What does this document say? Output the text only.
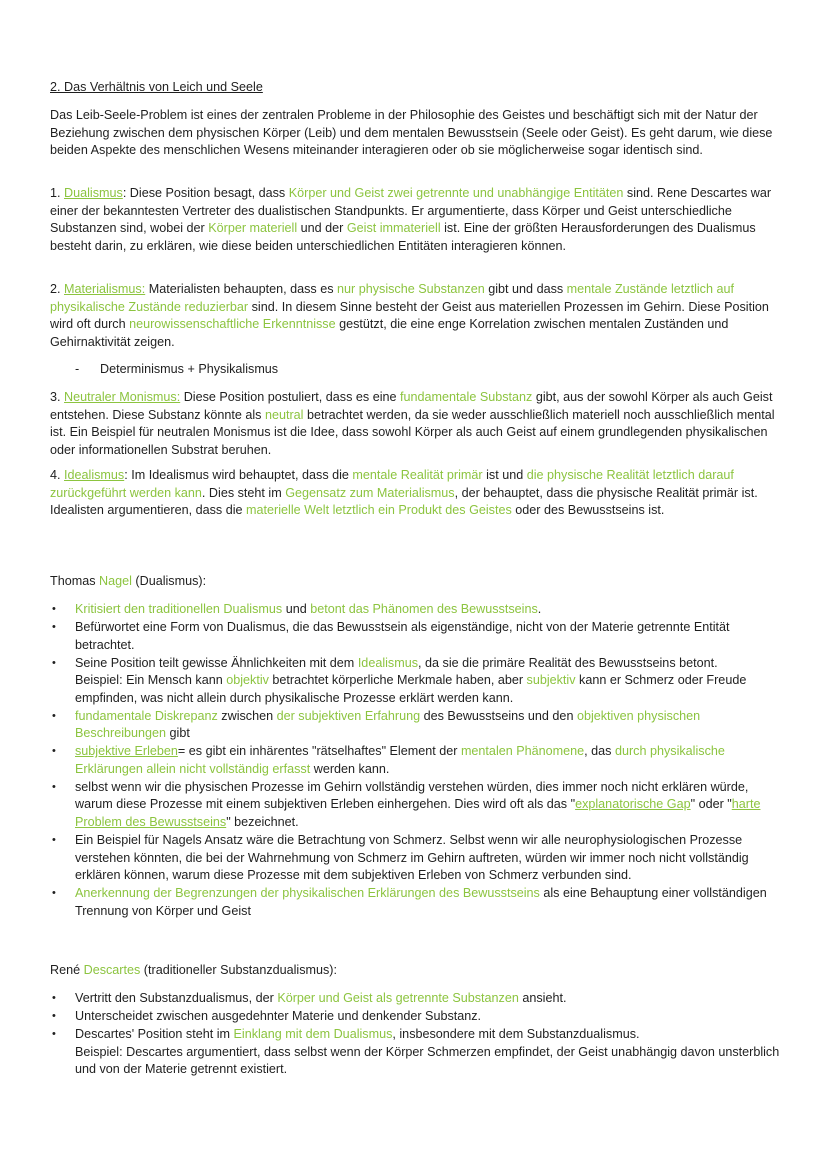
2. Das Verhältnis von Leich und Seele

Das Leib-Seele-Problem ist eines der zentralen Probleme in der Philosophie des Geistes und beschäftigt sich mit der Natur der Beziehung zwischen dem physischen Körper (Leib) und dem mentalen Bewusstsein (Seele oder Geist). Es geht darum, wie diese beiden Aspekte des menschlichen Wesens miteinander interagieren oder ob sie möglicherweise sogar identisch sind.

1. Dualismus: Diese Position besagt, dass Körper und Geist zwei getrennte und unabhängige Entitäten sind. Rene Descartes war einer der bekanntesten Vertreter des dualistischen Standpunkts. Er argumentierte, dass Körper und Geist unterschiedliche Substanzen sind, wobei der Körper materiell und der Geist immateriell ist. Eine der größten Herausforderungen des Dualismus besteht darin, zu erklären, wie diese beiden unterschiedlichen Entitäten interagieren können.

2. Materialismus: Materialisten behaupten, dass es nur physische Substanzen gibt und dass mentale Zustände letztlich auf physikalische Zustände reduzierbar sind. In diesem Sinne besteht der Geist aus materiellen Prozessen im Gehirn. Diese Position wird oft durch neurowissenschaftliche Erkenntnisse gestützt, die eine enge Korrelation zwischen mentalen Zuständen und Gehirnaktivität zeigen.

- Determinismus + Physikalismus

3. Neutraler Monismus: Diese Position postuliert, dass es eine fundamentale Substanz gibt, aus der sowohl Körper als auch Geist entstehen. Diese Substanz könnte als neutral betrachtet werden, da sie weder ausschließlich materiell noch ausschließlich mental ist. Ein Beispiel für neutralen Monismus ist die Idee, dass sowohl Körper als auch Geist auf einem grundlegenden physikalischen oder informationellen Substrat beruhen.

4. Idealismus: Im Idealismus wird behauptet, dass die mentale Realität primär ist und die physische Realität letztlich darauf zurückgeführt werden kann. Dies steht im Gegensatz zum Materialismus, der behauptet, dass die physische Realität primär ist. Idealisten argumentieren, dass die materielle Welt letztlich ein Produkt des Geistes oder des Bewusstseins ist.

Thomas Nagel (Dualismus):

• Kritisiert den traditionellen Dualismus und betont das Phänomen des Bewusstseins.
• Befürwortet eine Form von Dualismus, die das Bewusstsein als eigenständige, nicht von der Materie getrennte Entität betrachtet.
• Seine Position teilt gewisse Ähnlichkeiten mit dem Idealismus, da sie die primäre Realität des Bewusstseins betont.
Beispiel: Ein Mensch kann objektiv betrachtet körperliche Merkmale haben, aber subjektiv kann er Schmerz oder Freude empfinden, was nicht allein durch physikalische Prozesse erklärt werden kann.
• fundamentale Diskrepanz zwischen der subjektiven Erfahrung des Bewusstseins und den objektiven physischen Beschreibungen gibt
• subjektive Erleben= es gibt ein inhärentes "rätselhaftes" Element der mentalen Phänomene, das durch physikalische Erklärungen allein nicht vollständig erfasst werden kann.
• selbst wenn wir die physischen Prozesse im Gehirn vollständig verstehen würden, dies immer noch nicht erklären würde, warum diese Prozesse mit einem subjektiven Erleben einhergehen. Dies wird oft als das "explanatorische Gap" oder "harte Problem des Bewusstseins" bezeichnet.
• Ein Beispiel für Nagels Ansatz wäre die Betrachtung von Schmerz. Selbst wenn wir alle neurophysiologischen Prozesse verstehen könnten, die bei der Wahrnehmung von Schmerz im Gehirn auftreten, würden wir immer noch nicht vollständig erklären können, warum diese Prozesse mit dem subjektiven Erleben von Schmerz verbunden sind.
• Anerkennung der Begrenzungen der physikalischen Erklärungen des Bewusstseins als eine Behauptung einer vollständigen Trennung von Körper und Geist

René Descartes (traditioneller Substanzdualismus):

• Vertritt den Substanzdualismus, der Körper und Geist als getrennte Substanzen ansieht.
• Unterscheidet zwischen ausgedehnter Materie und denkender Substanz.
• Descartes' Position steht im Einklang mit dem Dualismus, insbesondere mit dem Substanzdualismus.
Beispiel: Descartes argumentiert, dass selbst wenn der Körper Schmerzen empfindet, der Geist unabhängig davon unsterblich und von der Materie getrennt existiert.
